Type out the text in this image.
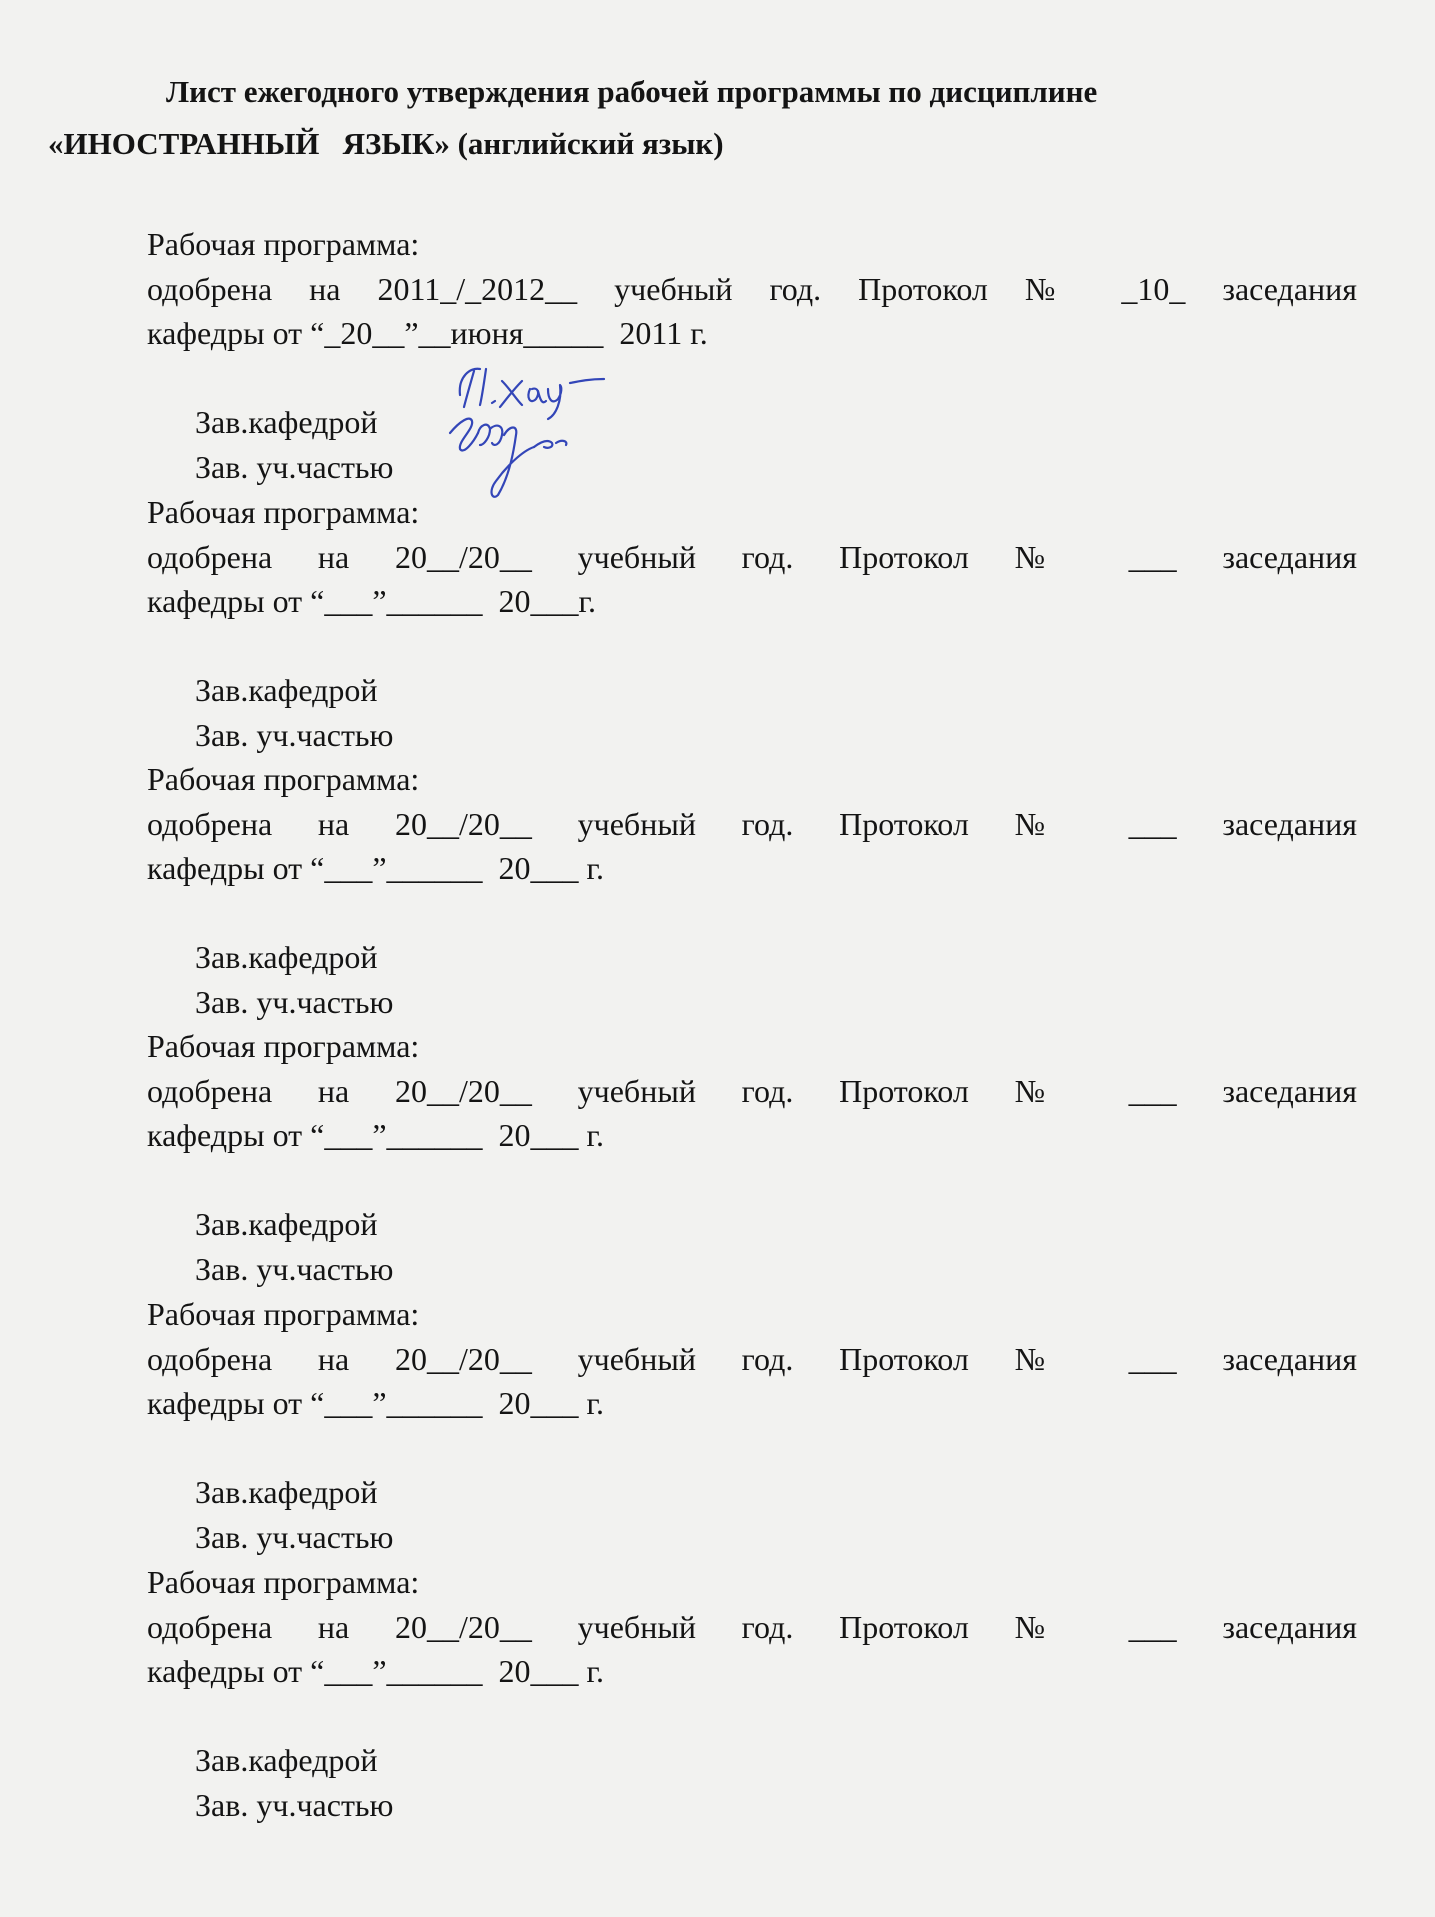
Лист ежегодного утверждения рабочей программы по дисциплине
«ИНОСТРАННЫЙ   ЯЗЫК» (английский язык)
Рабочая программа:
одобрена на 2011_/_2012__ учебный год. Протокол № _10_ заседания
кафедры от “_20__”__июня_____  2011 г.

Зав.кафедрой

Зав. уч.частью

Рабочая программа:
одобрена на 20__/20__ учебный год. Протокол № ___ заседания
кафедры от “___”______  20___г.

Зав.кафедрой

Зав. уч.частью

Рабочая программа:
одобрена на 20__/20__ учебный год. Протокол № ___ заседания
кафедры от “___”______  20___ г.

Зав.кафедрой

Зав. уч.частью

Рабочая программа:
одобрена на 20__/20__ учебный год. Протокол № ___ заседания
кафедры от “___”______  20___ г.

Зав.кафедрой

Зав. уч.частью

Рабочая программа:
одобрена на 20__/20__ учебный год. Протокол № ___ заседания
кафедры от “___”______  20___ г.

Зав.кафедрой

Зав. уч.частью

Рабочая программа:
одобрена на 20__/20__ учебный год. Протокол № ___ заседания
кафедры от “___”______  20___ г.

Зав.кафедрой

Зав. уч.частью
